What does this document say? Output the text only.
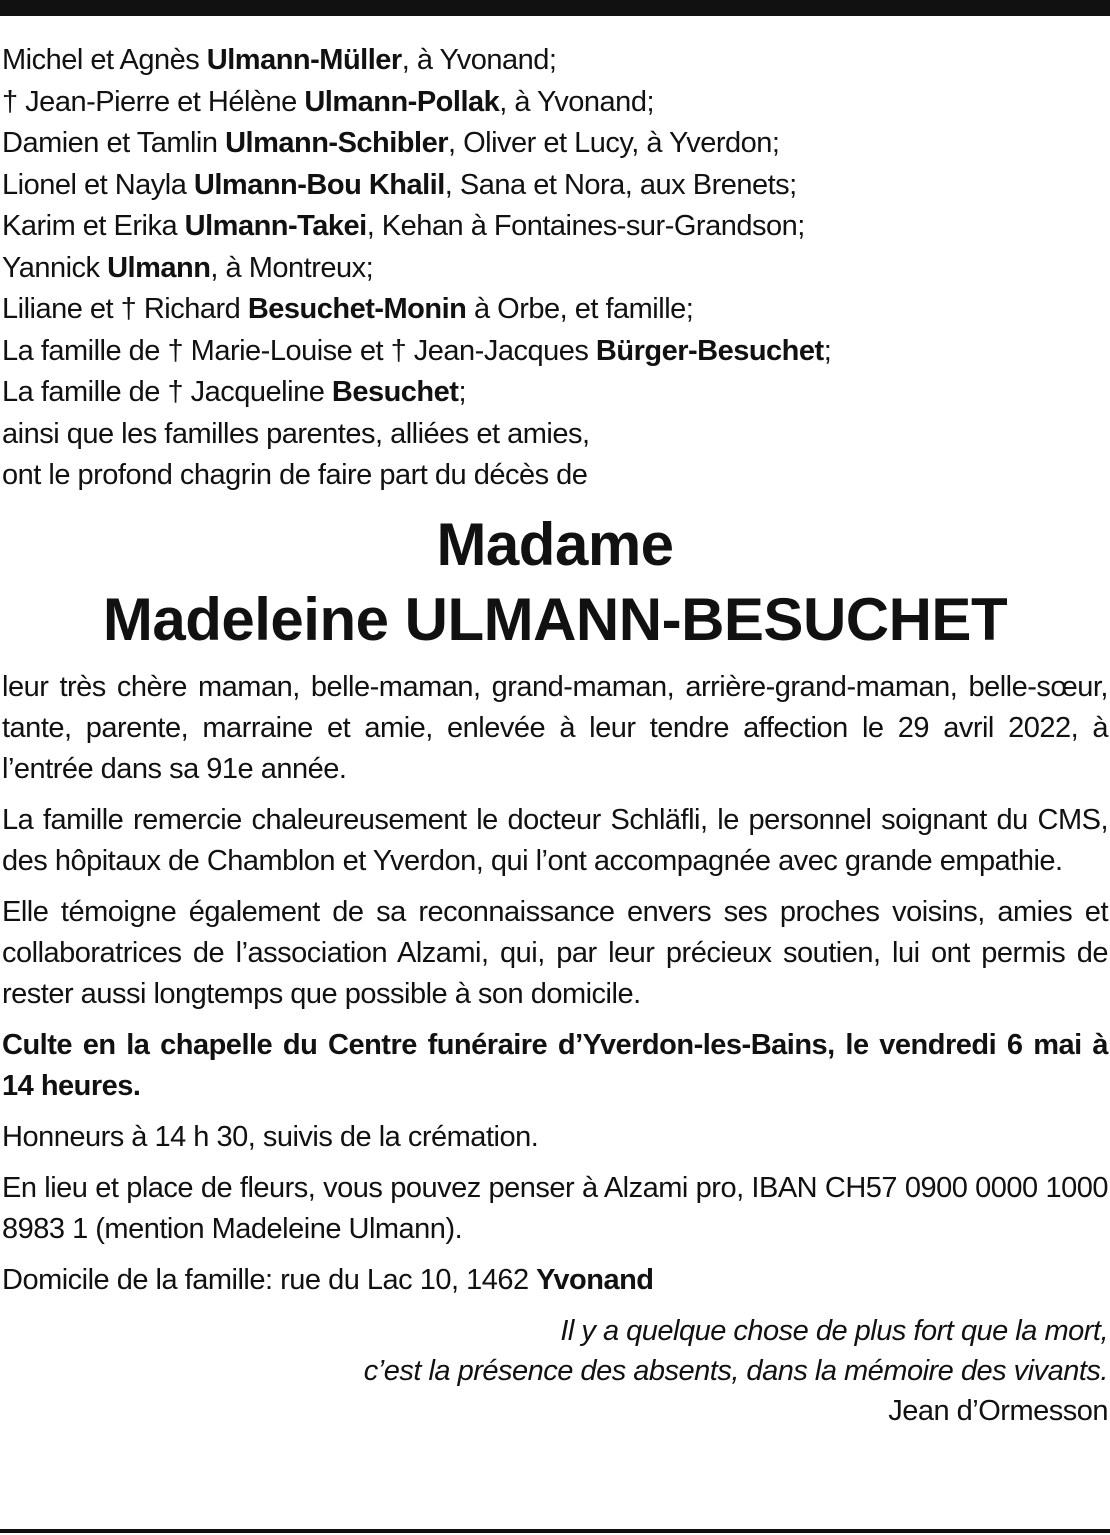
Michel et Agnès Ulmann-Müller, à Yvonand;
† Jean-Pierre et Hélène Ulmann-Pollak, à Yvonand;
Damien et Tamlin Ulmann-Schibler, Oliver et Lucy, à Yverdon;
Lionel et Nayla Ulmann-Bou Khalil, Sana et Nora, aux Brenets;
Karim et Erika Ulmann-Takei, Kehan à Fontaines-sur-Grandson;
Yannick Ulmann, à Montreux;
Liliane et † Richard Besuchet-Monin à Orbe, et famille;
La famille de † Marie-Louise et † Jean-Jacques Bürger-Besuchet;
La famille de † Jacqueline Besuchet;
ainsi que les familles parentes, alliées et amies,
ont le profond chagrin de faire part du décès de
Madame
Madeleine ULMANN-BESUCHET

leur très chère maman, belle-maman, grand-maman, arrière-grand-maman, belle-sœur, tante, parente, marraine et amie, enlevée à leur tendre affection le 29 avril 2022, à l’entrée dans sa 91e année.

La famille remercie chaleureusement le docteur Schläfli, le personnel soignant du CMS, des hôpitaux de Chamblon et Yverdon, qui l’ont accompagnée avec grande empathie.

Elle témoigne également de sa reconnaissance envers ses proches voisins, amies et collaboratrices de l’association Alzami, qui, par leur précieux soutien, lui ont permis de rester aussi longtemps que possible à son domicile.

Culte en la chapelle du Centre funéraire d’Yverdon-les-Bains, le vendredi 6 mai à 14 heures.

Honneurs à 14 h 30, suivis de la crémation.

En lieu et place de fleurs, vous pouvez penser à Alzami pro, IBAN CH57 0900 0000 1000 8983 1 (mention Madeleine Ulmann).

Domicile de la famille: rue du Lac 10, 1462 Yvonand

Il y a quelque chose de plus fort que la mort,
c’est la présence des absents, dans la mémoire des vivants.
Jean d’Ormesson
